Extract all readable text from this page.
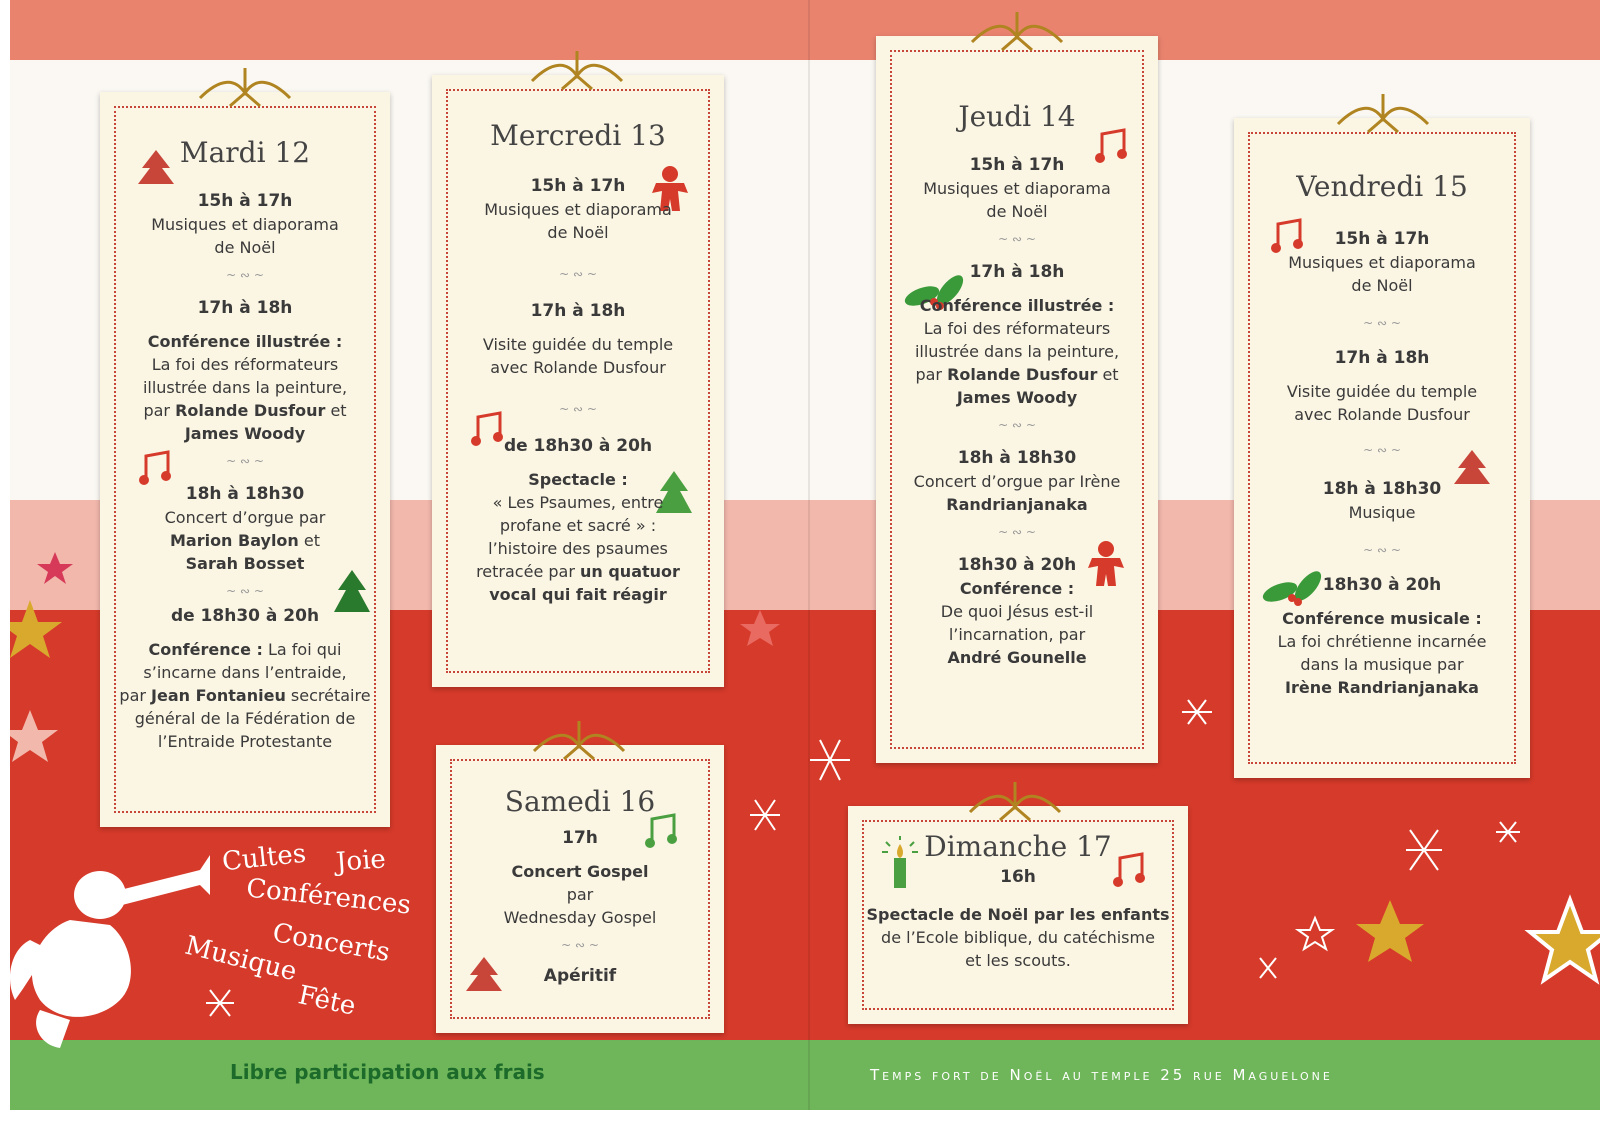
Cultes Joie
Conférences
Concerts
Musique
Fête
Mardi 12
15h à 17h
Musiques et diaporama
de Noël
~ ∾ ~
17h à 18h
Conférence illustrée :
La foi des réformateurs
illustrée dans la peinture,
par Rolande Dusfour et
James Woody
~ ∾ ~
18h à 18h30
Concert d’orgue par
Marion Baylon et
Sarah Bosset
~ ∾ ~
de 18h30 à 20h
Conférence : La foi qui
s’incarne dans l’entraide,
par Jean Fontanieu secrétaire
général de la Fédération de
l’Entraide Protestante
Mercredi 13
15h à 17h
Musiques et diaporama
de Noël
~ ∾ ~
17h à 18h
Visite guidée du temple
avec Rolande Dusfour
~ ∾ ~
de 18h30 à 20h
Spectacle :
« Les Psaumes, entre
profane et sacré » :
l’histoire des psaumes
retracée par un quatuor
vocal qui fait réagir
Jeudi 14
15h à 17h
Musiques et diaporama
de Noël
~ ∾ ~
17h à 18h
Conférence illustrée :
La foi des réformateurs
illustrée dans la peinture,
par Rolande Dusfour et
James Woody
~ ∾ ~
18h à 18h30
Concert d’orgue par Irène
Randrianjanaka
~ ∾ ~
18h30 à 20h
Conférence :
De quoi Jésus est-il
l’incarnation, par
André Gounelle
Vendredi 15
15h à 17h
Musiques et diaporama
de Noël
~ ∾ ~
17h à 18h
Visite guidée du temple
avec Rolande Dusfour
~ ∾ ~
18h à 18h30
Musique
~ ∾ ~
18h30 à 20h
Conférence musicale :
La foi chrétienne incarnée
dans la musique par
Irène Randrianjanaka
Samedi 16
17h
Concert Gospel
par
Wednesday Gospel
~ ∾ ~
Apéritif
Dimanche 17
16h
Spectacle de Noël par les enfants
de l’Ecole biblique, du catéchisme
et les scouts.
Libre participation aux frais	Temps fort de Noël au temple 25 rue Maguelone
